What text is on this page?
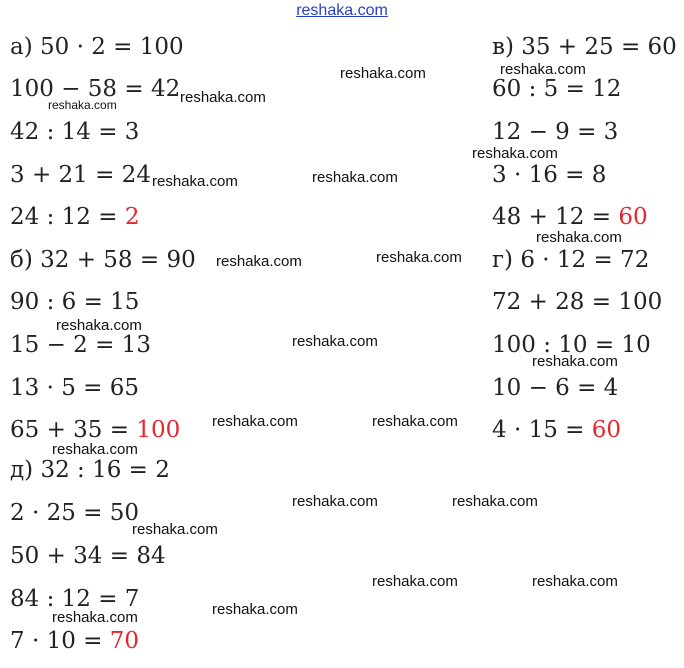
reshaka.com
а) 50 · 2 = 100
100 − 58 = 42
42 : 14 = 3
3 + 21 = 24
24 : 12 = 2
б) 32 + 58 = 90
90 : 6 = 15
15 − 2 = 13
13 · 5 = 65
65 + 35 = 100
д) 32 : 16 = 2
2 · 25 = 50
50 + 34 = 84
84 : 12 = 7
7 · 10 = 70
в) 35 + 25 = 60
60 : 5 = 12
12 − 9 = 3
3 · 16 = 8
48 + 12 = 60
г) 6 · 12 = 72
72 + 28 = 100
100 : 10 = 10
10 − 6 = 4
4 · 15 = 60
reshaka.com	reshaka.com
reshaka.com
reshaka.com
reshaka.com
reshaka.com	reshaka.com
reshaka.com
reshaka.com
reshaka.com
reshaka.com
reshaka.com
reshaka.com
reshaka.com	reshaka.com
reshaka.com
reshaka.com	reshaka.com
reshaka.com
reshaka.com	reshaka.com
reshaka.com
reshaka.com
